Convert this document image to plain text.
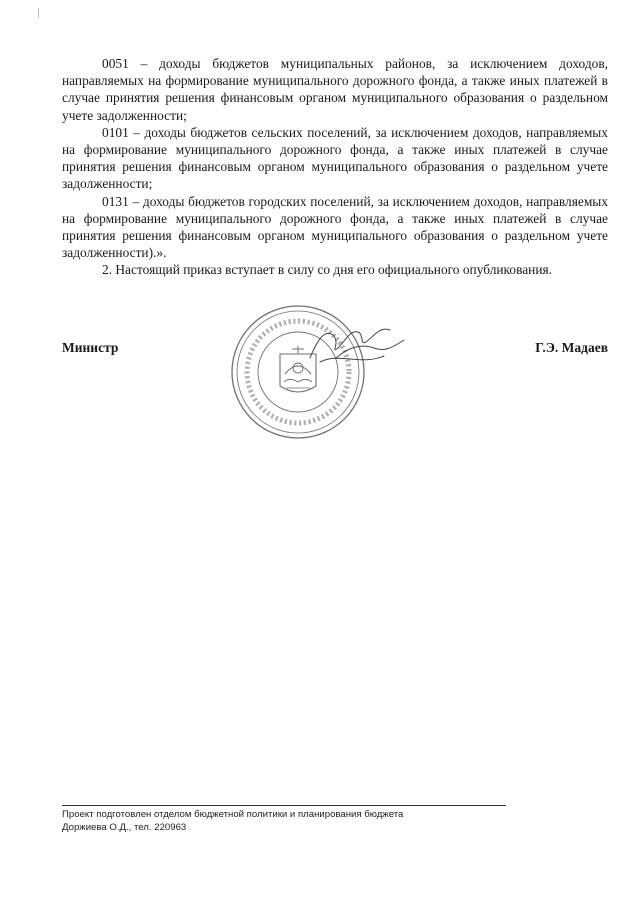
0051 – доходы бюджетов муниципальных районов, за исключением доходов, направляемых на формирование муниципального дорожного фонда, а также иных платежей в случае принятия решения финансовым органом муниципального образования о раздельном учете задолженности;

0101 – доходы бюджетов сельских поселений, за исключением доходов, направляемых на формирование муниципального дорожного фонда, а также иных платежей в случае принятия решения финансовым органом муниципального образования о раздельном учете задолженности;

0131 – доходы бюджетов городских поселений, за исключением доходов, направляемых на формирование муниципального дорожного фонда, а также иных платежей в случае принятия решения финансовым органом муниципального образования о раздельном учете задолженности).».

2. Настоящий приказ вступает в силу со дня его официального опубликования.

Министр	Г.Э. Мадаев
Проект подготовлен отделом бюджетной политики и планирования бюджета
Доржиева О.Д., тел. 220963
